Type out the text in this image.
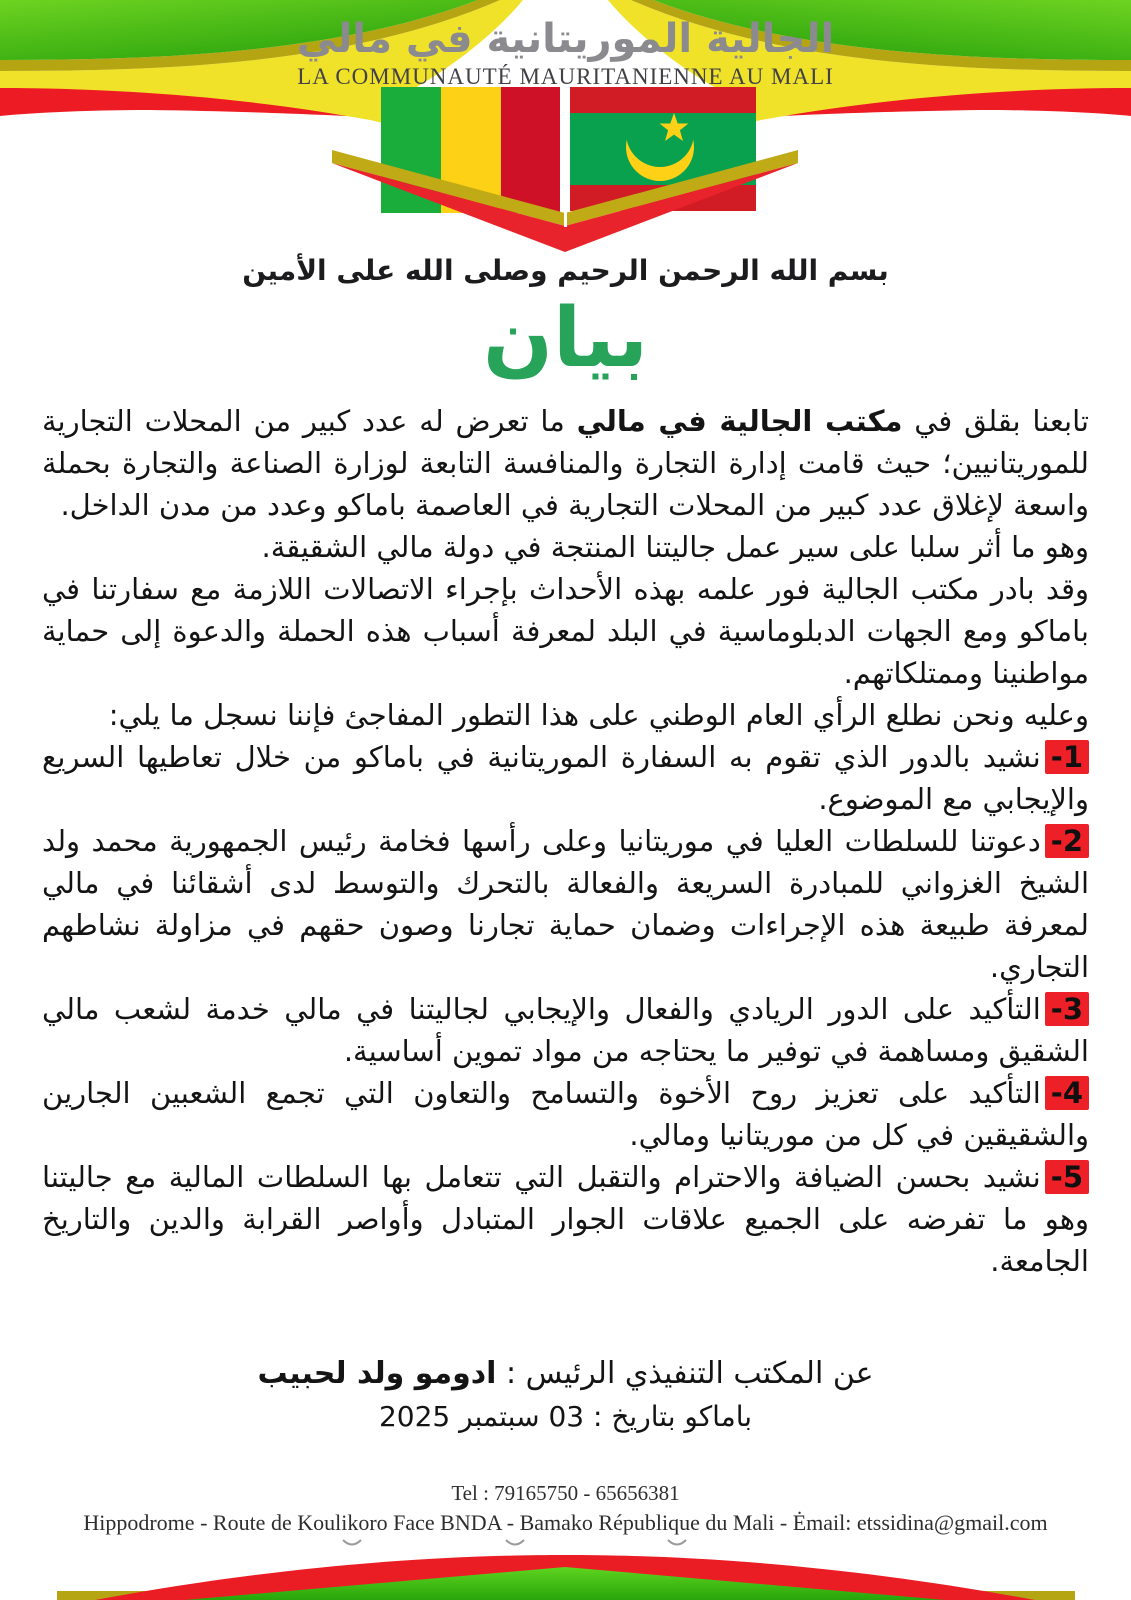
الجالية الموريتانية في مالي
LA COMMUNAUTÉ MAURITANIENNE AU MALI
بسم الله الرحمن الرحيم وصلى الله على الأمين
بيان

تابعنا بقلق في مكتب الجالية في مالي ما تعرض له عدد كبير من المحلات التجارية للموريتانيين؛ حيث قامت إدارة التجارة والمنافسة التابعة لوزارة الصناعة والتجارة بحملة واسعة لإغلاق عدد كبير من المحلات التجارية في العاصمة باماكو وعدد من مدن الداخل.

وهو ما أثر سلبا على سير عمل جاليتنا المنتجة في دولة مالي الشقيقة.

وقد بادر مكتب الجالية فور علمه بهذه الأحداث بإجراء الاتصالات اللازمة مع سفارتنا في باماكو ومع الجهات الدبلوماسية في البلد لمعرفة أسباب هذه الحملة والدعوة إلى حماية مواطنينا وممتلكاتهم.

وعليه ونحن نطلع الرأي العام الوطني على هذا التطور المفاجئ فإننا نسجل ما يلي:

1-نشيد بالدور الذي تقوم به السفارة الموريتانية في باماكو من خلال تعاطيها السريع والإيجابي مع الموضوع.

2-دعوتنا للسلطات العليا في موريتانيا وعلى رأسها فخامة رئيس الجمهورية محمد ولد الشيخ الغزواني للمبادرة السريعة والفعالة بالتحرك والتوسط لدى أشقائنا في مالي لمعرفة طبيعة هذه الإجراءات وضمان حماية تجارنا وصون حقهم في مزاولة نشاطهم التجاري.

3-التأكيد على الدور الريادي والفعال والإيجابي لجاليتنا في مالي خدمة لشعب مالي الشقيق ومساهمة في توفير ما يحتاجه من مواد تموين أساسية.

4-التأكيد على تعزيز روح الأخوة والتسامح والتعاون التي تجمع الشعبين الجارين والشقيقين في كل من موريتانيا ومالي.

5-نشيد بحسن الضيافة والاحترام والتقبل التي تتعامل بها السلطات المالية مع جاليتنا وهو ما تفرضه على الجميع علاقات الجوار المتبادل وأواصر القرابة والدين والتاريخ الجامعة.

عن المكتب التنفيذي الرئيس : ادومو ولد لحبيب
باماكو بتاريخ : 03 سبتمبر 2025
Tel : 79165750 - 65656381
Hippodrome - Route de Koulikoro Face BNDA - Bamako République du Mali - Ėmail: etssidina@gmail.com
